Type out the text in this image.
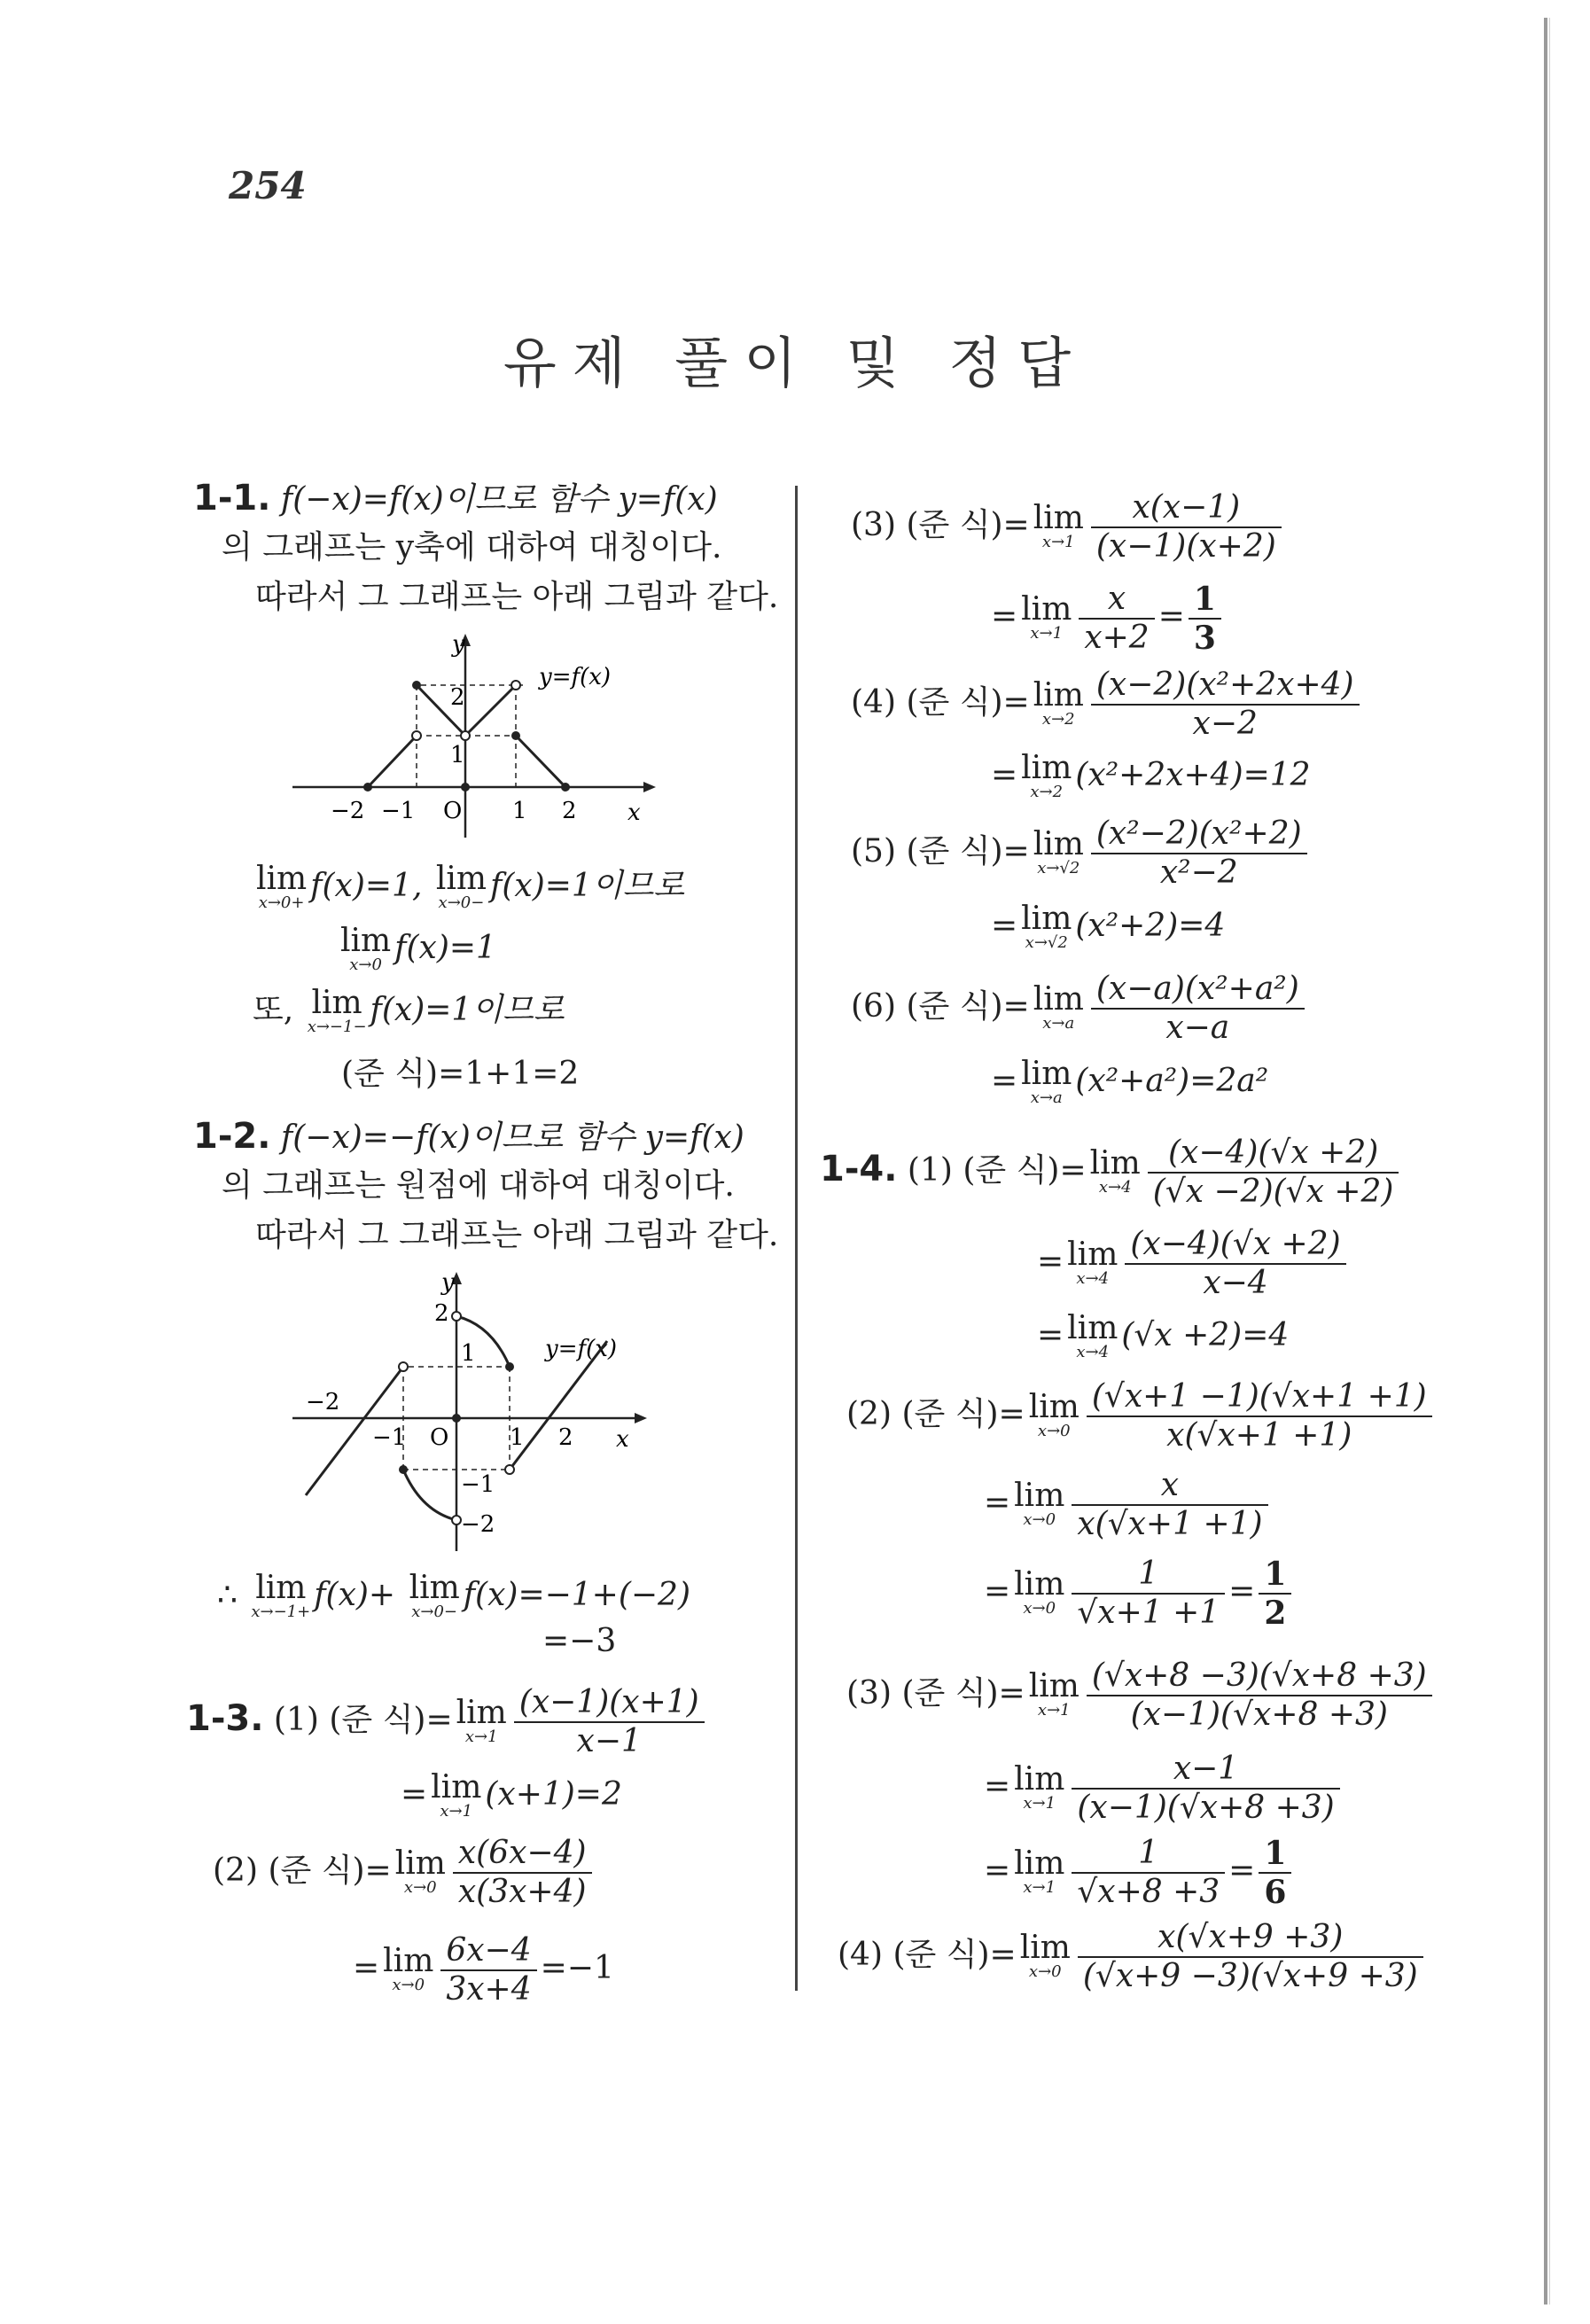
254
유제 풀이 및 정답
1-1. f(−x)=f(x)이므로 함수 y=f(x)
의 그래프는 y축에 대하여 대칭이다.
따라서 그 그래프는 아래 그림과 같다.
y
x
O
y=f(x)
−2 −1	1 2
1
2
lim
x→0+ f(x)=1, lim
x→0− f(x)=1이므로
lim
x→0 f(x)=1
또, lim
x→−1− f(x)=1이므로
(준 식)=1+1=2
1-2. f(−x)=−f(x)이므로 함수 y=f(x)
의 그래프는 원점에 대하여 대칭이다.
따라서 그 그래프는 아래 그림과 같다.
y
x
O
y=f(x)
−2
−1	1 2
2
1
−1
−2
∴ lim
x→−1+ f(x)+ lim
x→0− f(x)=−1+(−2)
=−3
1-3. (1) (준 식)= lim
$x\to 1 \frac{(x-1)(x+1)}{x-1}$
= lim
x→1 (x+1)=2
(2) (준 식)= lim
$x\to 0 \frac{x(6x-4)}{x(3x+4)}$
= lim
$x\to 0 \frac{6x-4}{3x+4} =-1$
(3) (준 식)= lim
$x\to 1 \frac{x(x-1)}{(x-1)(x+2)}$
= lim
$x\to 1 \frac{x}{x+2} = \frac{1}{3}$
(4) (준 식)= lim
$x\to 2 \frac{\text{(x−2)(x²+2x+4)}}{x-2}$
= lim
x→2 (x²+2x+4)=12
(5) (준 식)= lim
$x\to√2 \frac{\text{(x²−2)(x²+2)}}{\text{x²−2}}$
= lim
x→√2 (x²+2)=4
(6) (준 식)= lim
$x\to a \frac{\text{(x−a)(x²+a²)}}{x-a}$
= lim
x→a (x²+a²)=2a²
1-4. (1) (준 식)= lim
$x\to 4 \frac{(x-4)(√x +2)}{(√x -2)(√x +2)}$
= lim
$x\to 4 \frac{(x-4)(√x +2)}{x-4}$
= lim
x→4 (√x +2)=4
(2) (준 식)= lim
$x\to 0 \frac{(√x+1 -1)(√x+1 +1)}{x(√x+1 +1)}$
= lim
$x\to 0 \frac{x}{x(√x+1 +1)}$
= lim
$x\to 0 \frac{1}{√x+1 +1} = \frac{1}{2}$
(3) (준 식)= lim
$x\to 1 \frac{(√x+8 -3)(√x+8 +3)}{(x-1)(√x+8 +3)}$
= lim
$x\to 1 \frac{x-1}{(x-1)(√x+8 +3)}$
= lim
$x\to 1 \frac{1}{√x+8 +3} = \frac{1}{6}$
(4) (준 식)= lim
$x\to 0 \frac{x(√x+9 +3)}{(√x+9 -3)(√x+9 +3)}$
